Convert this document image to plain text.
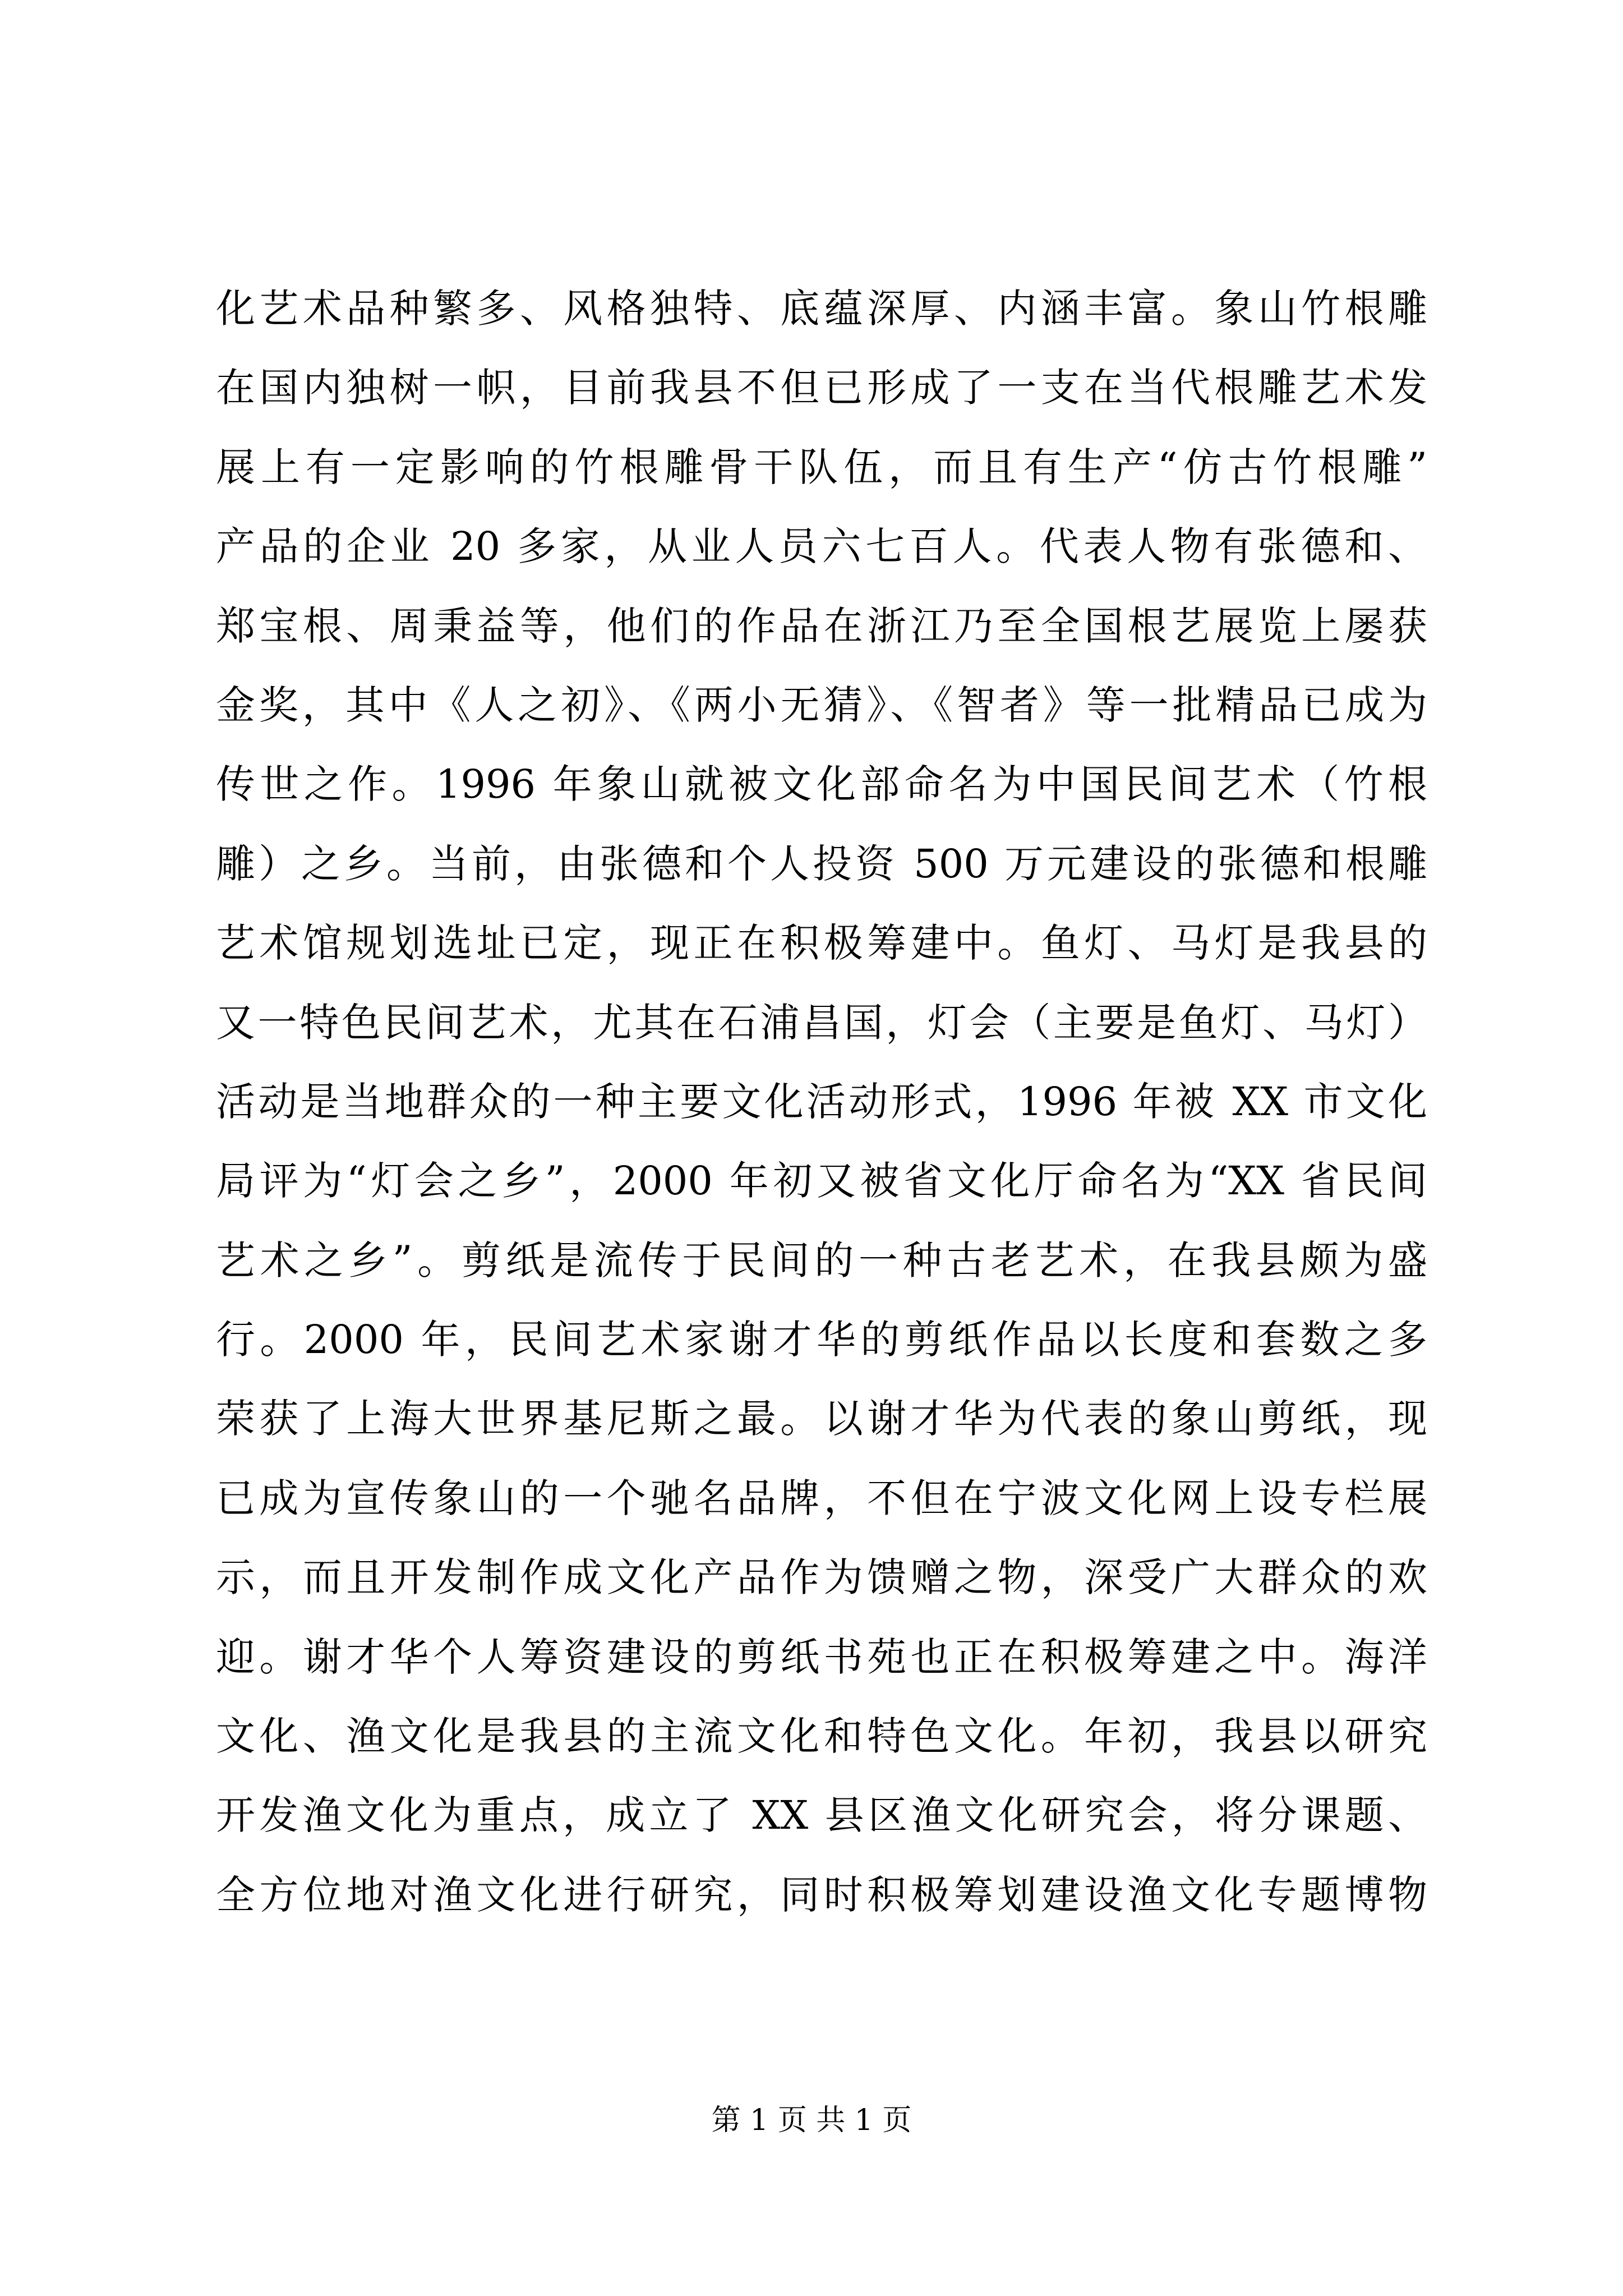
化艺术品种繁多、风格独特、底蕴深厚、内涵丰富。象山竹根雕
在国内独树一帜，目前我县不但已形成了一支在当代根雕艺术发
展上有一定影响的竹根雕骨干队伍，而且有生产“仿古竹根雕”
产品的企业 20 多家，从业人员六七百人。代表人物有张德和、
郑宝根、周秉益等，他们的作品在浙江乃至全国根艺展览上屡获
金奖，其中《人之初》、《两小无猜》、《智者》等一批精品已成为
传世之作。1996 年象山就被文化部命名为中国民间艺术（竹根
雕）之乡。当前，由张德和个人投资 500 万元建设的张德和根雕
艺术馆规划选址已定，现正在积极筹建中。鱼灯、马灯是我县的
又一特色民间艺术，尤其在石浦昌国，灯会（主要是鱼灯、马灯）
活动是当地群众的一种主要文化活动形式，1996 年被 XX 市文化
局评为“灯会之乡”，2000 年初又被省文化厅命名为“XX 省民间
艺术之乡”。剪纸是流传于民间的一种古老艺术，在我县颇为盛
行。2000 年，民间艺术家谢才华的剪纸作品以长度和套数之多
荣获了上海大世界基尼斯之最。以谢才华为代表的象山剪纸，现
已成为宣传象山的一个驰名品牌，不但在宁波文化网上设专栏展
示，而且开发制作成文化产品作为馈赠之物，深受广大群众的欢
迎。谢才华个人筹资建设的剪纸书苑也正在积极筹建之中。海洋
文化、渔文化是我县的主流文化和特色文化。年初，我县以研究
开发渔文化为重点，成立了 XX 县区渔文化研究会，将分课题、
全方位地对渔文化进行研究，同时积极筹划建设渔文化专题博物
第 1 页 共 1 页
